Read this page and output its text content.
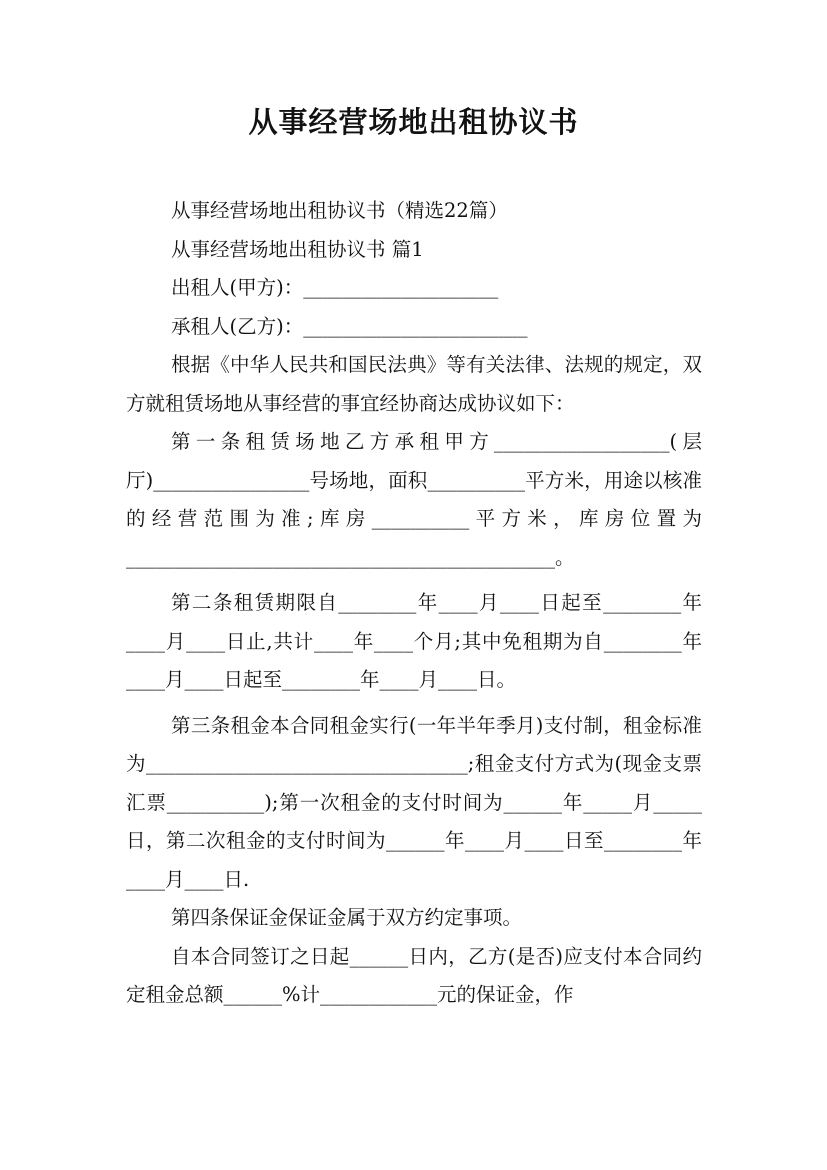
从事经营场地出租协议书

从事经营场地出租协议书（精选22篇）

从事经营场地出租协议书 篇1

出租人(甲方)：____________________

承租人(乙方)：_______________________

根据《中华人民共和国民法典》等有关法律、法规的规定，双方就租赁场地从事经营的事宜经协商达成协议如下：

第一条租赁场地乙方承租甲方__________________(层厅)________________号场地，面积__________平方米，用途以核准的经营范围为准;库房__________平方米，库房位置为____________________________________________。

第二条租赁期限自________年____月____日起至________年____月____日止,共计____年____个月;其中免租期为自________年____月____日起至________年____月____日。

第三条租金本合同租金实行(一年半年季月)支付制，租金标准为_________________________________;租金支付方式为(现金支票汇票__________);第一次租金的支付时间为______年_____月_____日，第二次租金的支付时间为______年____月____日至________年____月____日.

第四条保证金保证金属于双方约定事项。

自本合同签订之日起______日内，乙方(是否)应支付本合同约定租金总额______%计____________元的保证金，作
